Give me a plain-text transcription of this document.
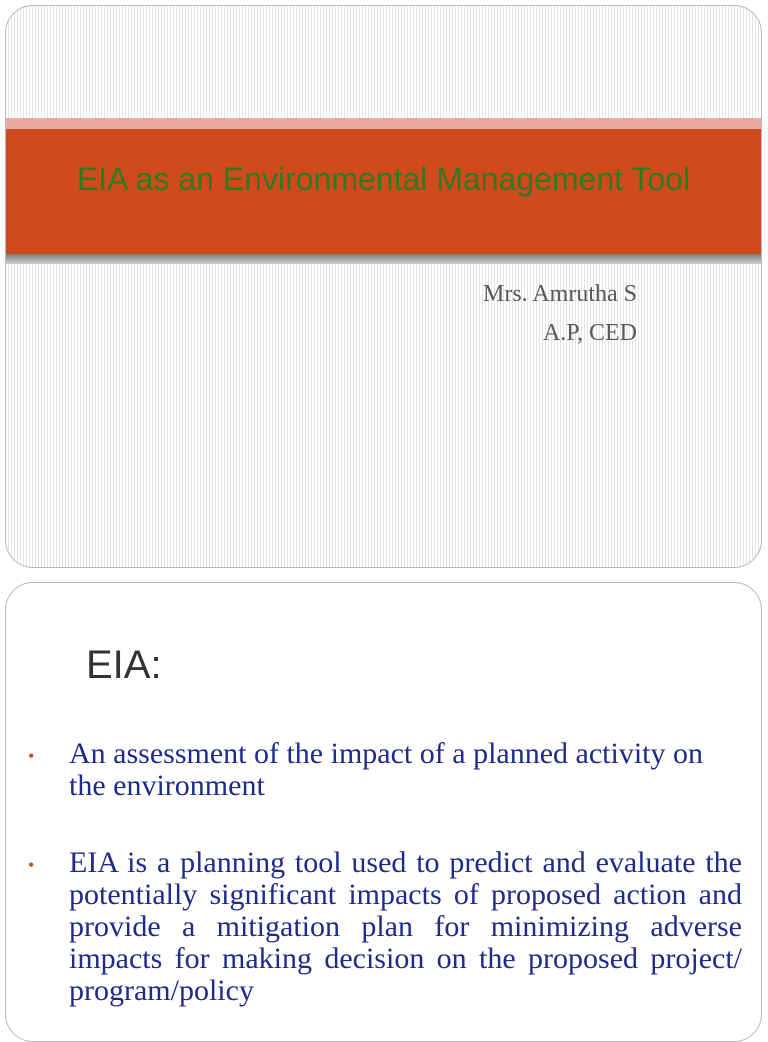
EIA as an Environmental Management Tool
Mrs. Amrutha S
A.P, CED
EIA:
• An assessment of the impact of a planned activity on the environment
• EIA is a planning tool used to predict and evaluate the potentially significant impacts of proposed action and provide a mitigation plan for minimizing adverse impacts for making decision on the proposed project/ program/policy
